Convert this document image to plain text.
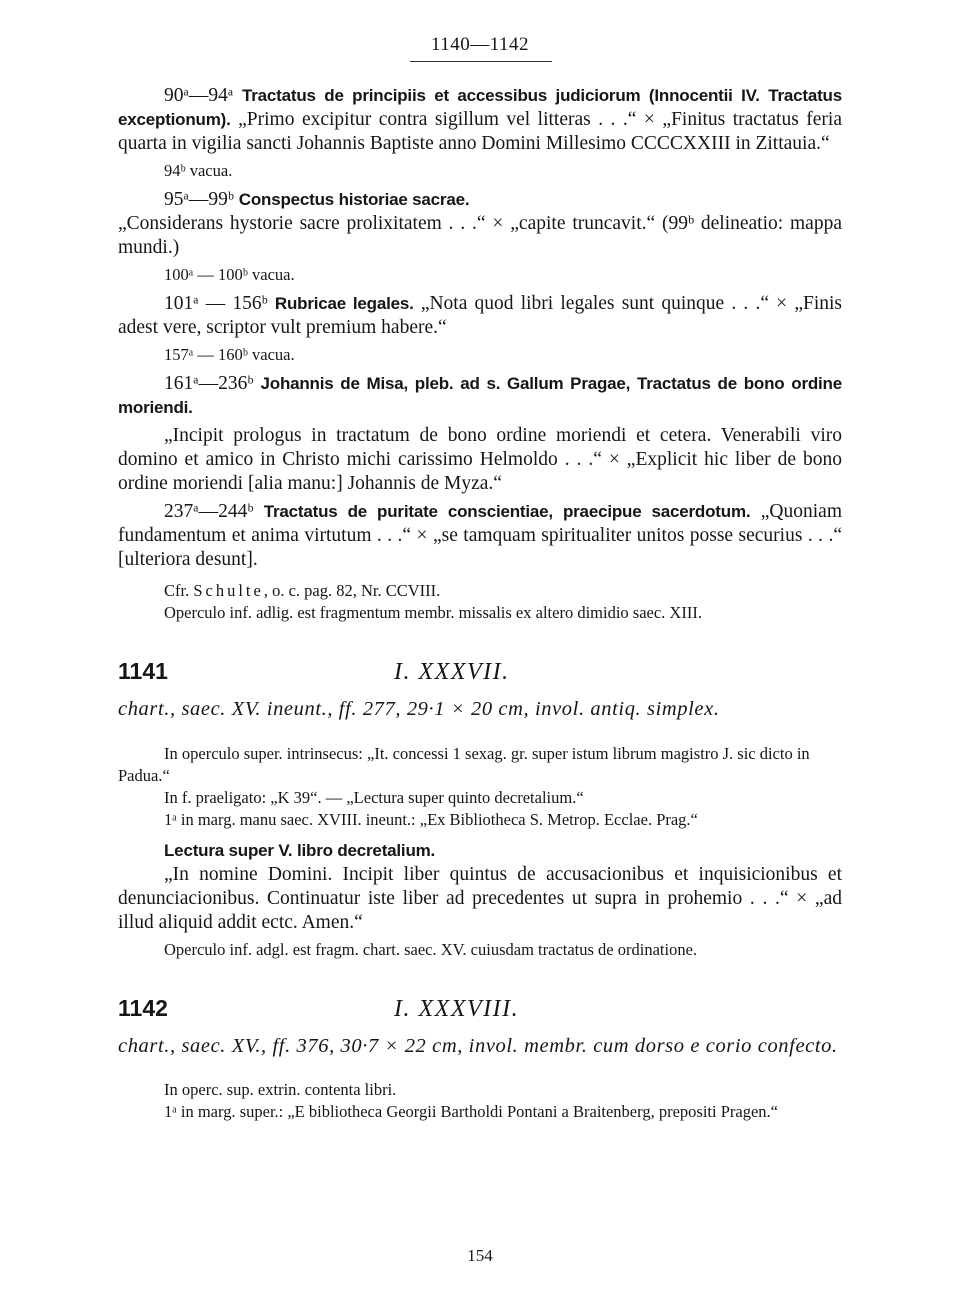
1140—1142

90ᵃ—94ᵃ Tractatus de principiis et accessibus judiciorum (Innocentii IV. Tractatus exceptionum). „Primo excipitur contra sigillum vel litteras . . .“ × „Finitus tractatus feria quarta in vigilia sancti Johannis Baptiste anno Domini Millesimo CCCCXXIII in Zittauia.“

94ᵇ vacua.

95ᵃ—99ᵇ Conspectus historiae sacrae.
„Considerans hystorie sacre prolixitatem . . .“ × „capite truncavit.“ (99ᵇ delineatio: mappa mundi.)

100ᵃ — 100ᵇ vacua.

101ᵃ — 156ᵇ Rubricae legales. „Nota quod libri legales sunt quinque . . .“ × „Finis adest vere, scriptor vult premium habere.“

157ᵃ — 160ᵇ vacua.

161ᵃ—236ᵇ Johannis de Misa, pleb. ad s. Gallum Pragae, Tractatus de bono ordine moriendi.

„Incipit prologus in tractatum de bono ordine moriendi et cetera. Venerabili viro domino et amico in Christo michi carissimo Helmoldo . . .“ × „Explicit hic liber de bono ordine moriendi [alia manu:] Johannis de Myza.“

237ᵃ—244ᵇ Tractatus de puritate conscientiae, praecipue sacerdotum. „Quoniam fundamentum et anima virtutum . . .“ × „se tamquam spiritualiter unitos posse securius . . .“ [ulteriora desunt].

Cfr. Schulte, o. c. pag. 82, Nr. CCVIII.

Operculo inf. adlig. est fragmentum membr. missalis ex altero dimidio saec. XIII.

1141	I. XXXVII.

chart., saec. XV. ineunt., ff. 277, 29·1 × 20 cm, invol. antiq. simplex.

In operculo super. intrinsecus: „It. concessi 1 sexag. gr. super istum librum magistro J. sic dicto in Padua.“

In f. praeligato: „K 39“. — „Lectura super quinto decretalium.“

1ᵃ in marg. manu saec. XVIII. ineunt.: „Ex Bibliotheca S. Metrop. Ecclae. Prag.“

Lectura super V. libro decretalium.

„In nomine Domini. Incipit liber quintus de accusacionibus et inquisicionibus et denunciacionibus. Continuatur iste liber ad precedentes ut supra in prohemio . . .“ × „ad illud aliquid addit ectc. Amen.“

Operculo inf. adgl. est fragm. chart. saec. XV. cuiusdam tractatus de ordinatione.

1142	I. XXXVIII.

chart., saec. XV., ff. 376, 30·7 × 22 cm, invol. membr. cum dorso e corio confecto.

In operc. sup. extrin. contenta libri.

1ᵃ in marg. super.: „E bibliotheca Georgii Bartholdi Pontani a Braitenberg, prepositi Pragen.“

154
